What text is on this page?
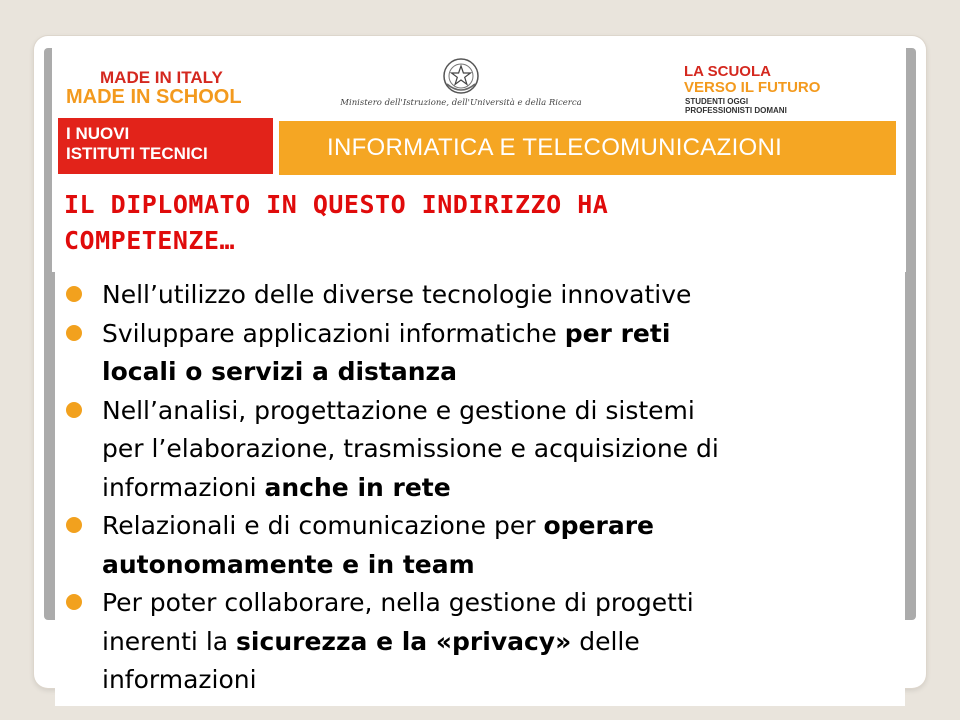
MADE IN ITALY

MADE IN SCHOOL	Ministero dell'Istruzione, dell'Università e della Ricerca

LA SCUOLA

VERSO IL FUTURO

STUDENTI OGGI
PROFESSIONISTI DOMANI

I NUOVI
ISTITUTI TECNICI	INFORMATICA E TELECOMUNICAZIONI
IL DIPLOMATO IN QUESTO INDIRIZZO HA
COMPETENZE…
Nell’utilizzo delle diverse tecnologie innovative
Sviluppare applicazioni informatiche per reti
locali o servizi a distanza
Nell’analisi, progettazione e gestione di sistemi
per l’elaborazione, trasmissione e acquisizione di
informazioni anche in rete
Relazionali e di comunicazione per operare
autonomamente e in team
Per poter collaborare, nella gestione di progetti
inerenti la sicurezza e la «privacy» delle
informazioni
